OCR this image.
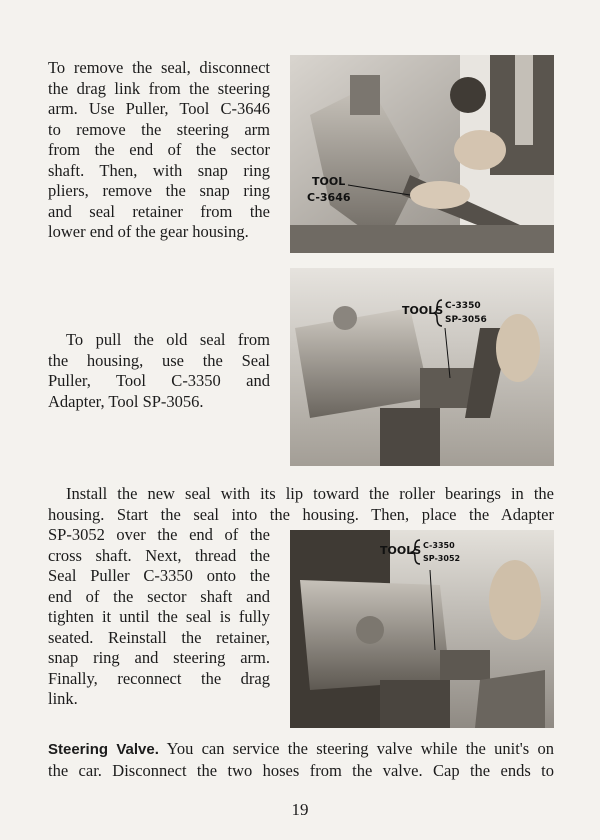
To remove the seal, disconnect
the drag link from the steering
arm. Use Puller, Tool C-3646
to remove the steering arm
from the end of the sector
shaft. Then, with snap ring
pliers, remove the snap ring
and seal retainer from the
lower end of the gear housing.
TOOL
C-3646
To pull the old seal from
the housing, use the Seal
Puller, Tool C-3350 and
Adapter, Tool SP-3056.
TOOLS C-3350
SP-3056
Install the new seal with its lip toward the roller bearings in the
housing. Start the seal into the housing. Then, place the Adapter
SP-3052 over the end of the
cross shaft. Next, thread the
Seal Puller C-3350 onto the
end of the sector shaft and
tighten it until the seal is fully
seated. Reinstall the retainer,
snap ring and steering arm.
Finally, reconnect the drag
link.
TOOLS C-3350
SP-3052
Steering Valve. You can service the steering valve while the unit's on
the car. Disconnect the two hoses from the valve. Cap the ends to
19
